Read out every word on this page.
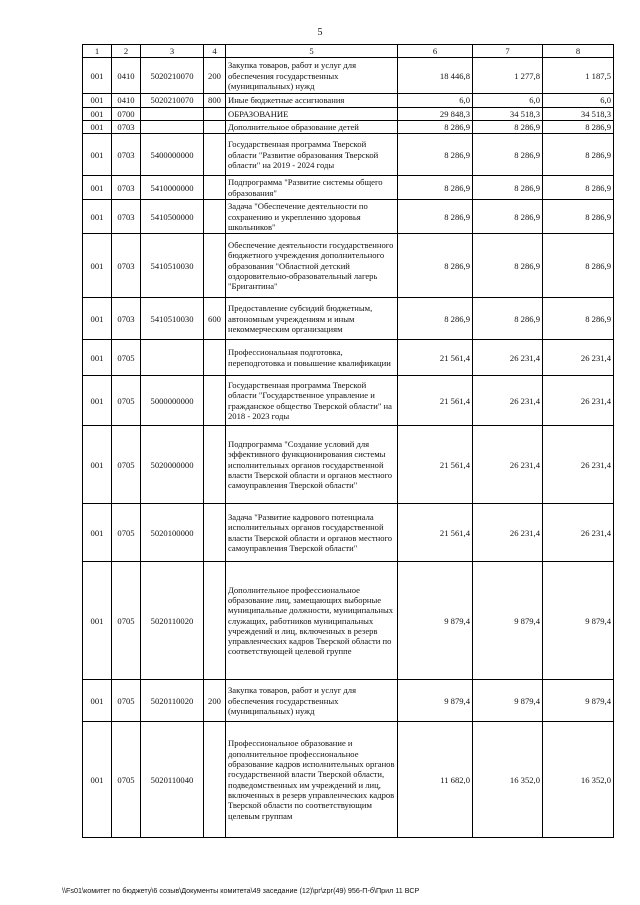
5
1	2	3	4	5	6	7	8
001	0410	5020210070	200	Закупка товаров, работ и услуг для обеспечения государственных (муниципальных) нужд	18 446,8	1 277,8	1 187,5
001	0410	5020210070	800	Иные бюджетные ассигнования	6,0	6,0	6,0
001	0700			ОБРАЗОВАНИЕ	29 848,3	34 518,3	34 518,3
001	0703			Дополнительное образование детей	8 286,9	8 286,9	8 286,9
001	0703	5400000000		Государственная программа Тверской области "Развитие образования Тверской области" на 2019 - 2024 годы	8 286,9	8 286,9	8 286,9
001	0703	5410000000		Подпрограмма "Развитие системы общего образования"	8 286,9	8 286,9	8 286,9
001	0703	5410500000		Задача "Обеспечение деятельности по сохранению и укреплению здоровья школьников"	8 286,9	8 286,9	8 286,9
001	0703	5410510030		Обеспечение деятельности государственного бюджетного учреждения дополнительного образования "Областной детский оздоровительно-образовательный лагерь "Бригантина"	8 286,9	8 286,9	8 286,9
001	0703	5410510030	600	Предоставление субсидий бюджетным, автономным учреждениям и иным некоммерческим организациям	8 286,9	8 286,9	8 286,9
001	0705			Профессиональная подготовка, переподготовка и повышение квалификации	21 561,4	26 231,4	26 231,4
001	0705	5000000000		Государственная программа Тверской области "Государственное управление и гражданское общество Тверской области" на 2018 - 2023 годы	21 561,4	26 231,4	26 231,4
001	0705	5020000000		Подпрограмма "Создание условий для эффективного функционирования системы исполнительных органов государственной власти Тверской области и органов местного самоуправления Тверской области"	21 561,4	26 231,4	26 231,4
001	0705	5020100000		Задача "Развитие кадрового потенциала исполнительных органов государственной власти Тверской области и органов местного самоуправления Тверской области"	21 561,4	26 231,4	26 231,4
001	0705	5020110020		Дополнительное профессиональное образование лиц, замещающих выборные муниципальные должности, муниципальных служащих, работников муниципальных учреждений и лиц, включенных в резерв управленческих кадров Тверской области по соответствующей целевой группе	9 879,4	9 879,4	9 879,4
001	0705	5020110020	200	Закупка товаров, работ и услуг для обеспечения государственных (муниципальных) нужд	9 879,4	9 879,4	9 879,4
001	0705	5020110040		Профессиональное образование и дополнительное профессиональное образование кадров исполнительных органов государственной власти Тверской области, подведомственных им учреждений и лиц, включенных в резерв управленческих кадров Тверской области по соответствующим целевым группам	11 682,0	16 352,0	16 352,0
\\Fs01\комитет по бюджету\6 созыв\Документы комитета\49 заседание (12)\рг\zрг(49) 956-П-б\Прил 11 ВСР
